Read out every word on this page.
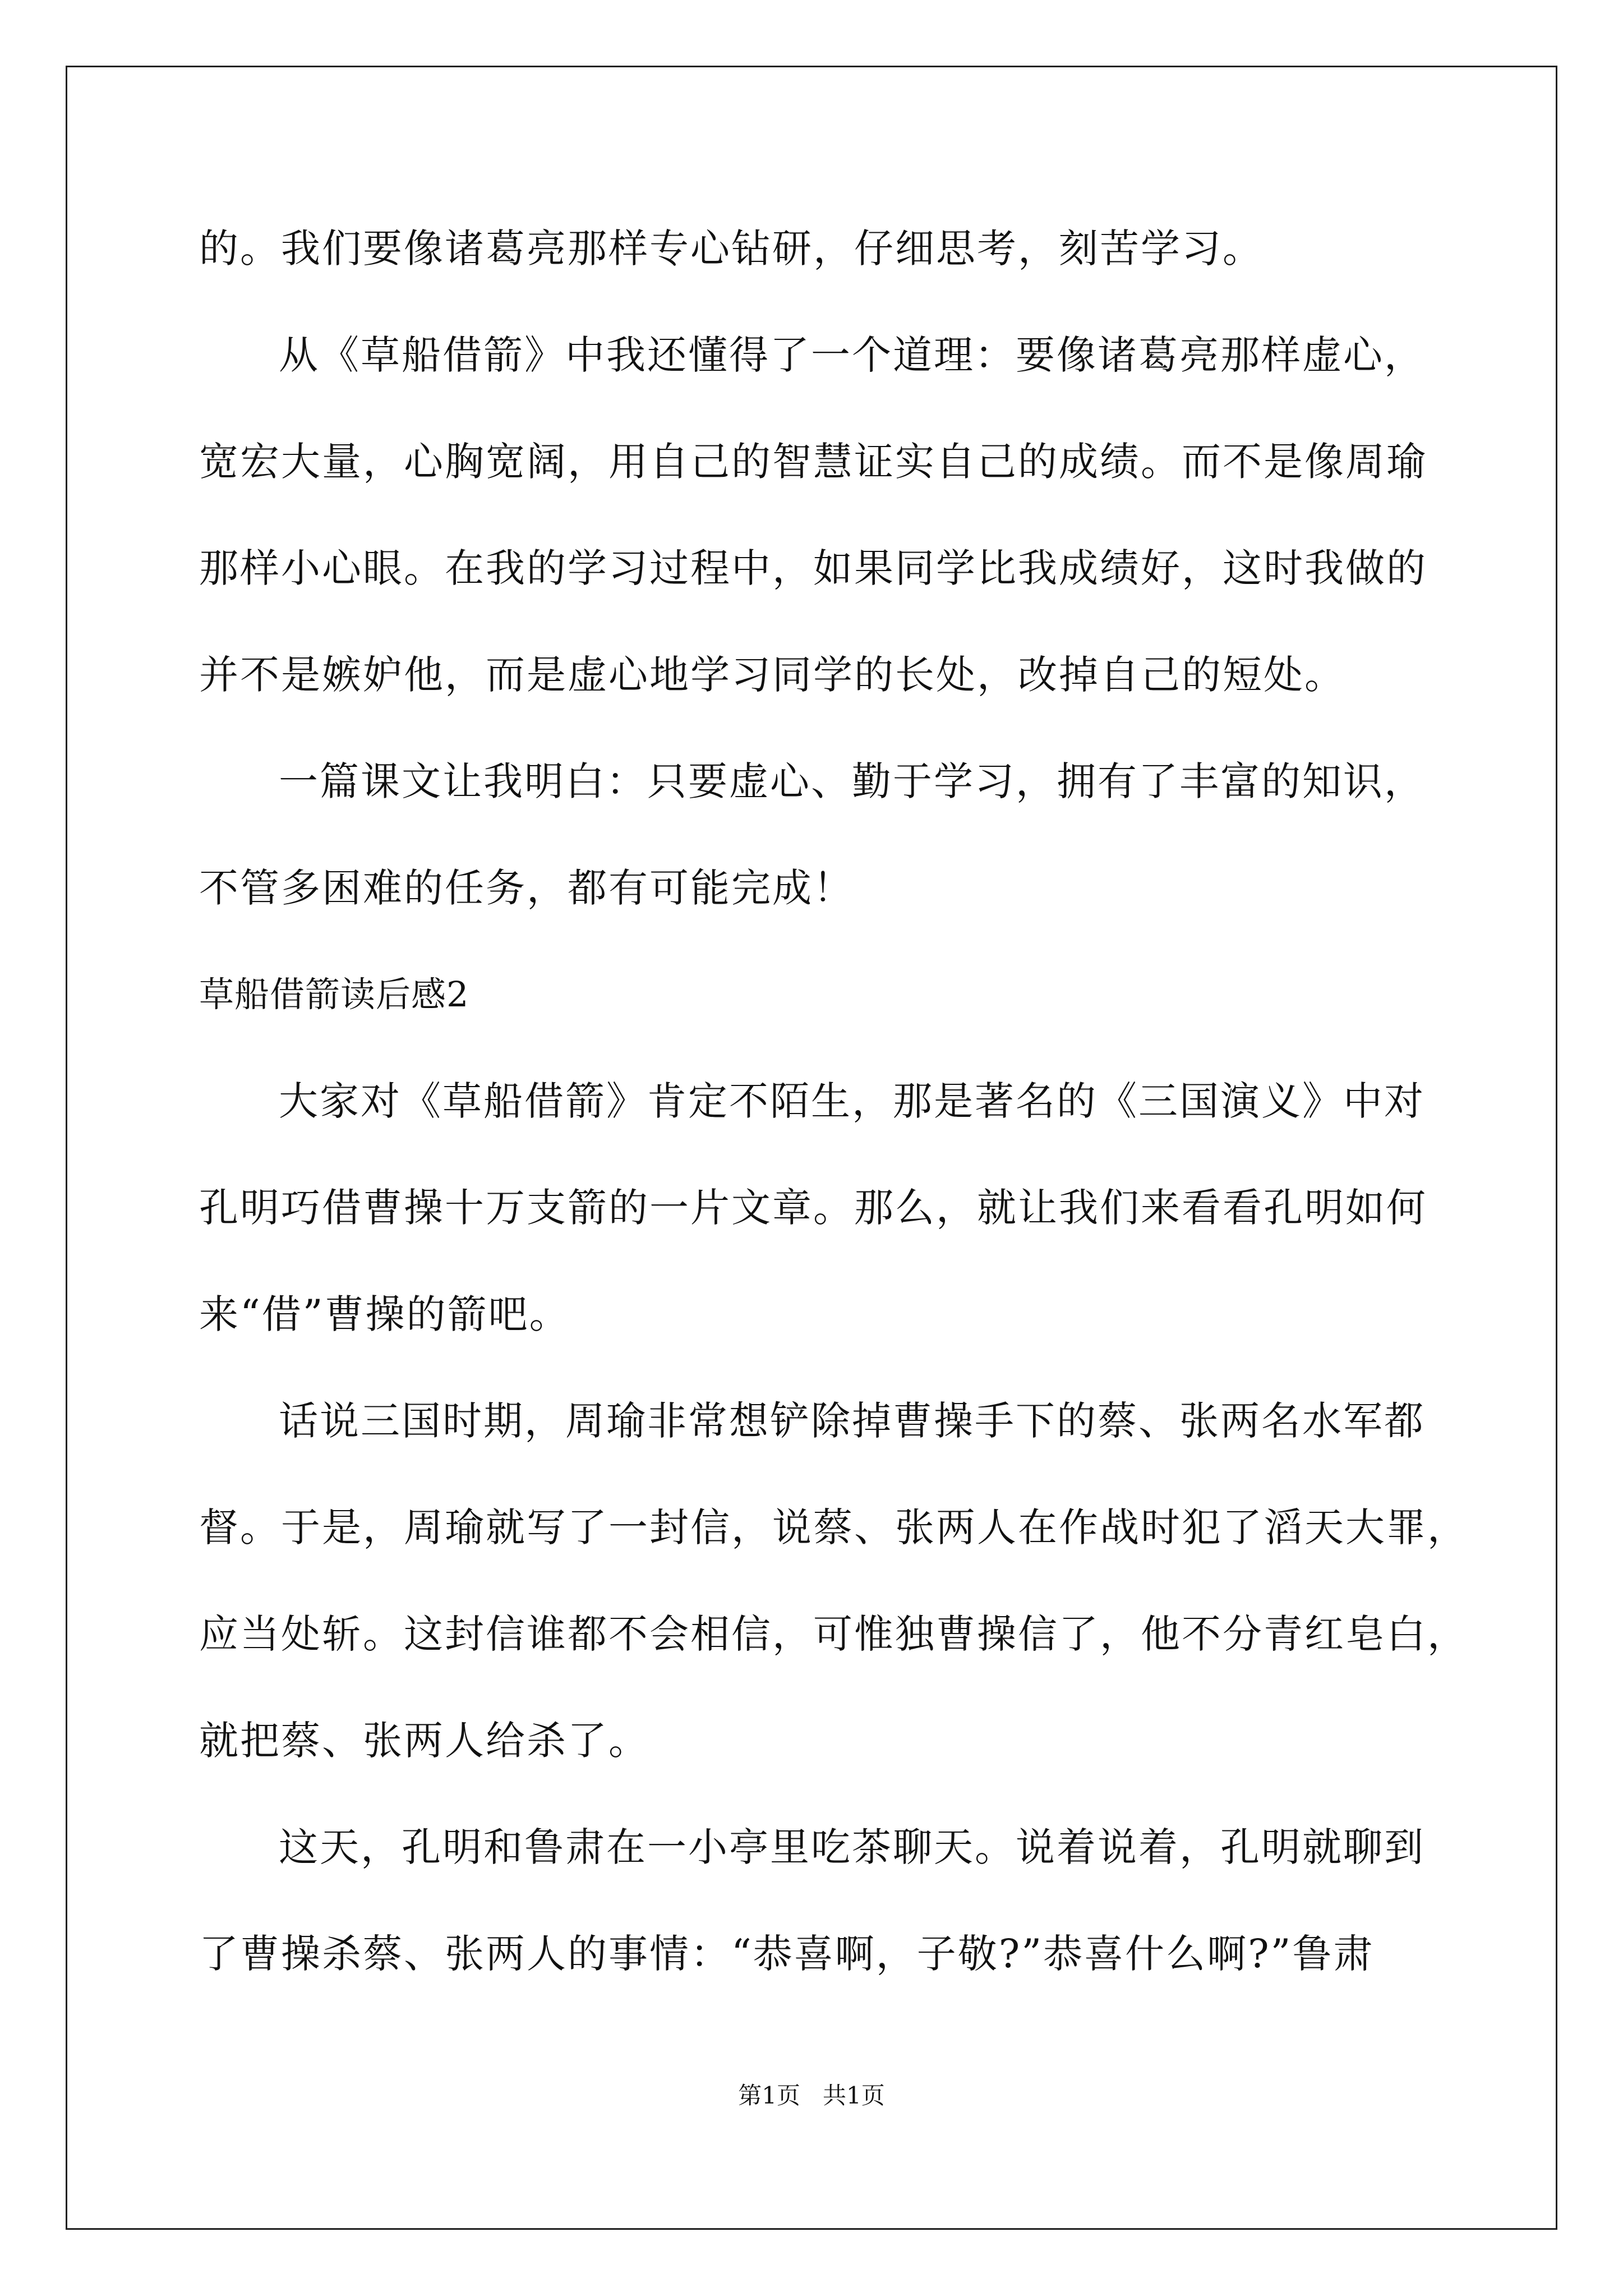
的。我们要像诸葛亮那样专心钻研，仔细思考，刻苦学习。
从《草船借箭》中我还懂得了一个道理：要像诸葛亮那样虚心，
宽宏大量，心胸宽阔，用自己的智慧证实自己的成绩。而不是像周瑜
那样小心眼。在我的学习过程中，如果同学比我成绩好，这时我做的
并不是嫉妒他，而是虚心地学习同学的长处，改掉自己的短处。
一篇课文让我明白：只要虚心、勤于学习，拥有了丰富的知识，
不管多困难的任务，都有可能完成！
草船借箭读后感2
大家对《草船借箭》肯定不陌生，那是著名的《三国演义》中对
孔明巧借曹操十万支箭的一片文章。那么，就让我们来看看孔明如何
来“借”曹操的箭吧。
话说三国时期，周瑜非常想铲除掉曹操手下的蔡、张两名水军都
督。于是，周瑜就写了一封信，说蔡、张两人在作战时犯了滔天大罪，
应当处斩。这封信谁都不会相信，可惟独曹操信了，他不分青红皂白，
就把蔡、张两人给杀了。
这天，孔明和鲁肃在一小亭里吃茶聊天。说着说着，孔明就聊到
了曹操杀蔡、张两人的事情：“恭喜啊，子敬?”恭喜什么啊?”鲁肃
第1页   共1页
